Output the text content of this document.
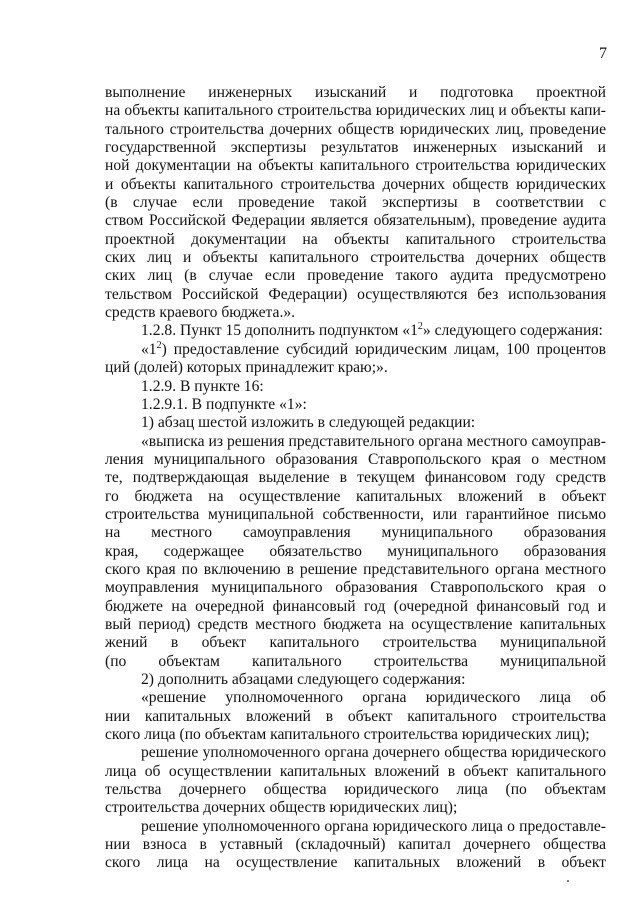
7
выполнение инженерных изысканий и подготовка проектной
на объекты капитального строительства юридических лиц и объекты капи-
тального строительства дочерних обществ юридических лиц, проведение
государственной экспертизы результатов инженерных изысканий и
ной документации на объекты капитального строительства юридических
и объекты капитального строительства дочерних обществ юридических
(в случае если проведение такой экспертизы в соответствии с
ством Российской Федерации является обязательным), проведение аудита
проектной документации на объекты капитального строительства
ских лиц и объекты капитального строительства дочерних обществ
ских лиц (в случае если проведение такого аудита предусмотрено
тельством Российской Федерации) осуществляются без использования
средств краевого бюджета.».
1.2.8. Пункт 15 дополнить подпунктом «$1^2$» следующего содержания:
«$1^2$) предоставление субсидий юридическим лицам, 100 процентов
ций (долей) которых принадлежит краю;».
1.2.9. В пункте 16:
1.2.9.1. В подпункте «1»:
1) абзац шестой изложить в следующей редакции:
«выписка из решения представительного органа местного самоуправ-
ления муниципального образования Ставропольского края о местном
те, подтверждающая выделение в текущем финансовом году средств
го бюджета на осуществление капитальных вложений в объект
строительства муниципальной собственности, или гарантийное письмо
на местного самоуправления муниципального образования
края, содержащее обязательство муниципального образования
ского края по включению в решение представительного органа местного
моуправления муниципального образования Ставропольского края о
бюджете на очередной финансовый год (очередной финансовый год и
вый период) средств местного бюджета на осуществление капитальных
жений в объект капитального строительства муниципальной
(по объектам капитального строительства муниципальной
2) дополнить абзацами следующего содержания:
«решение уполномоченного органа юридического лица об
нии капитальных вложений в объект капитального строительства
ского лица (по объектам капитального строительства юридических лиц);
решение уполномоченного органа дочернего общества юридического
лица об осуществлении капитальных вложений в объект капитального
тельства дочернего общества юридического лица (по объектам
строительства дочерних обществ юридических лиц);
решение уполномоченного органа юридического лица о предоставле-
нии взноса в уставный (складочный) капитал дочернего общества
ского лица на осуществление капитальных вложений в объект
